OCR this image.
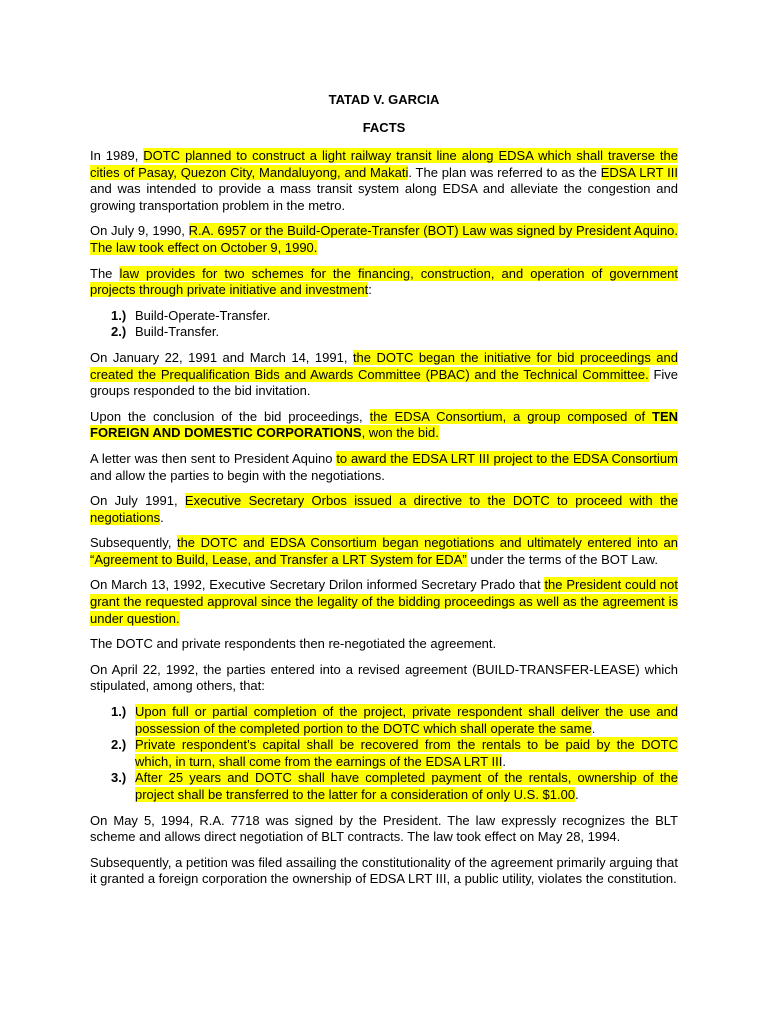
TATAD V. GARCIA
FACTS

In 1989, DOTC planned to construct a light railway transit line along EDSA which shall traverse the cities of Pasay, Quezon City, Mandaluyong, and Makati. The plan was referred to as the EDSA LRT III and was intended to provide a mass transit system along EDSA and alleviate the congestion and growing transportation problem in the metro.

On July 9, 1990, R.A. 6957 or the Build-Operate-Transfer (BOT) Law was signed by President Aquino. The law took effect on October 9, 1990.

The law provides for two schemes for the financing, construction, and operation of government projects through private initiative and investment:

1.) Build-Operate-Transfer.
2.) Build-Transfer.

On January 22, 1991 and March 14, 1991, the DOTC began the initiative for bid proceedings and created the Prequalification Bids and Awards Committee (PBAC) and the Technical Committee. Five groups responded to the bid invitation.

Upon the conclusion of the bid proceedings, the EDSA Consortium, a group composed of TEN FOREIGN AND DOMESTIC CORPORATIONS, won the bid.

A letter was then sent to President Aquino to award the EDSA LRT III project to the EDSA Consortium and allow the parties to begin with the negotiations.

On July 1991, Executive Secretary Orbos issued a directive to the DOTC to proceed with the negotiations.

Subsequently, the DOTC and EDSA Consortium began negotiations and ultimately entered into an “Agreement to Build, Lease, and Transfer a LRT System for EDA” under the terms of the BOT Law.

On March 13, 1992, Executive Secretary Drilon informed Secretary Prado that the President could not grant the requested approval since the legality of the bidding proceedings as well as the agreement is under question.

The DOTC and private respondents then re-negotiated the agreement.

On April 22, 1992, the parties entered into a revised agreement (BUILD-TRANSFER-LEASE) which stipulated, among others, that:

1.) Upon full or partial completion of the project, private respondent shall deliver the use and possession of the completed portion to the DOTC which shall operate the same.
2.) Private respondent’s capital shall be recovered from the rentals to be paid by the DOTC which, in turn, shall come from the earnings of the EDSA LRT III.
3.) After 25 years and DOTC shall have completed payment of the rentals, ownership of the project shall be transferred to the latter for a consideration of only U.S. $1.00.

On May 5, 1994, R.A. 7718 was signed by the President. The law expressly recognizes the BLT scheme and allows direct negotiation of BLT contracts. The law took effect on May 28, 1994.

Subsequently, a petition was filed assailing the constitutionality of the agreement primarily arguing that it granted a foreign corporation the ownership of EDSA LRT III, a public utility, violates the constitution.
